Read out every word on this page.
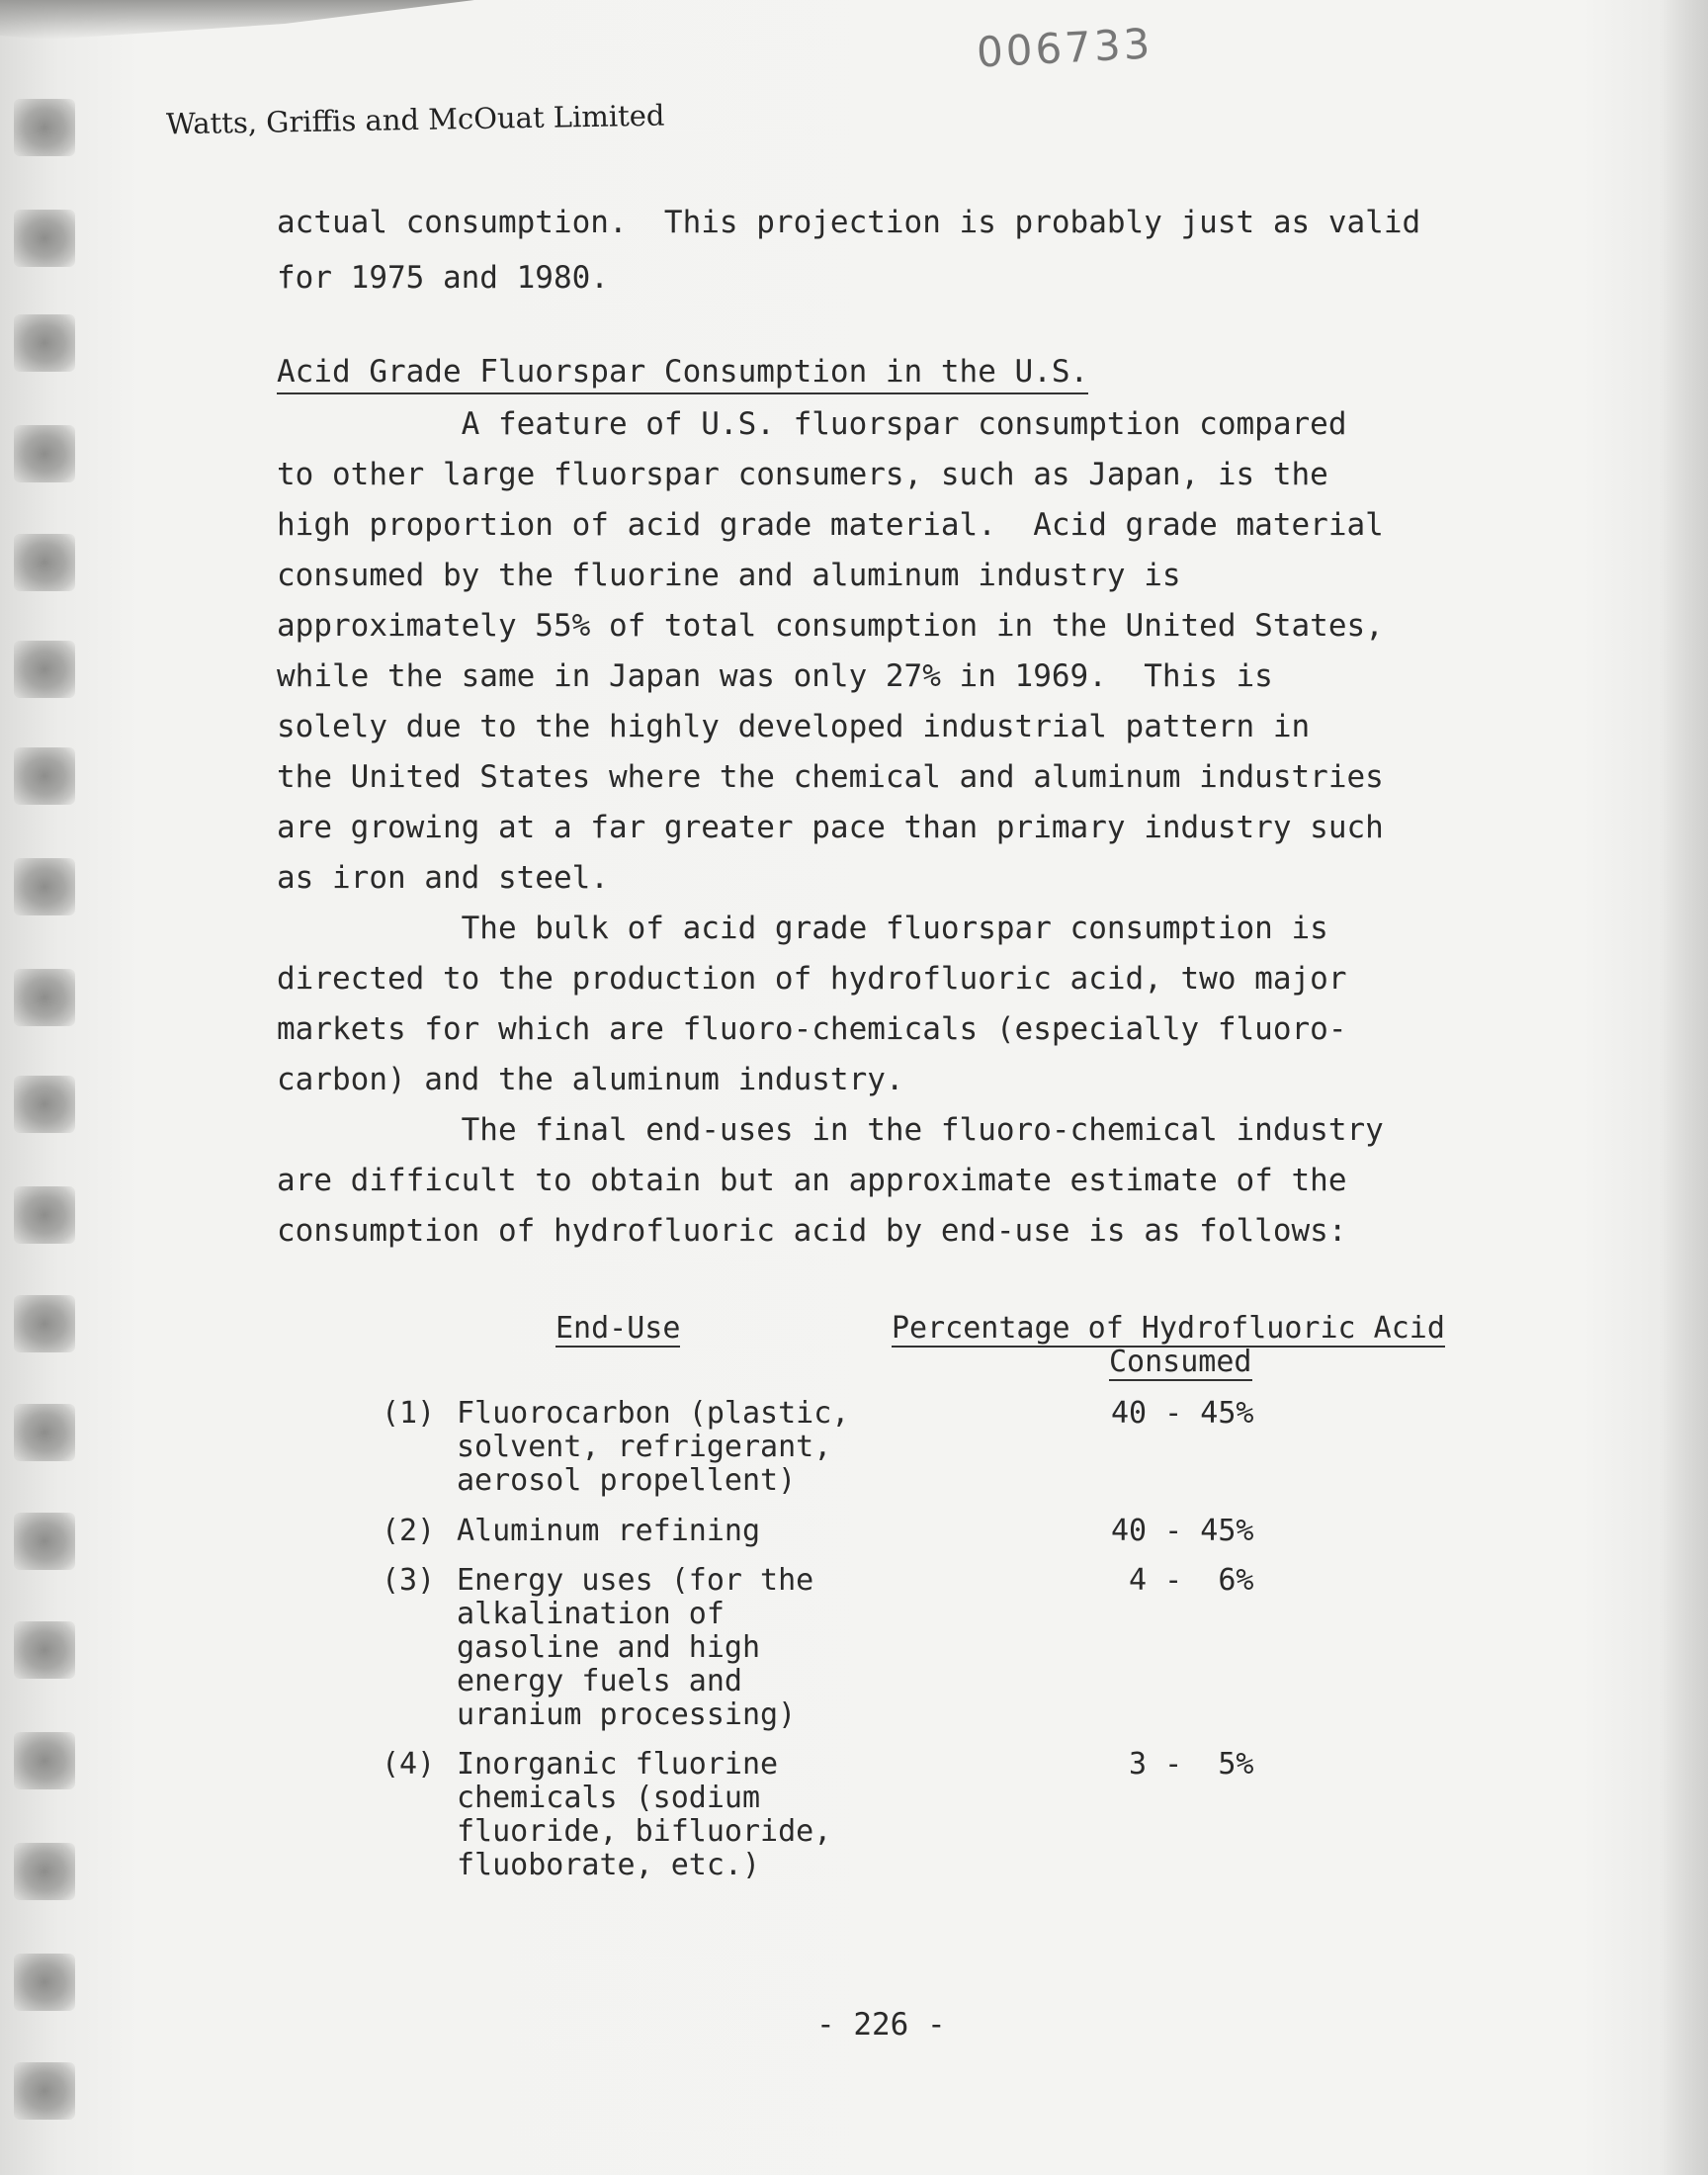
006733
Watts, Griffis and McOuat Limited
actual consumption.  This projection is probably just as valid
for 1975 and 1980.
Acid Grade Fluorspar Consumption in the U.S.
A feature of U.S. fluorspar consumption compared
to other large fluorspar consumers, such as Japan, is the
high proportion of acid grade material.  Acid grade material
consumed by the fluorine and aluminum industry is
approximately 55% of total consumption in the United States,
while the same in Japan was only 27% in 1969.  This is
solely due to the highly developed industrial pattern in
the United States where the chemical and aluminum industries
are growing at a far greater pace than primary industry such
as iron and steel.
The bulk of acid grade fluorspar consumption is
directed to the production of hydrofluoric acid, two major
markets for which are fluoro-chemicals (especially fluoro-
carbon) and the aluminum industry.
The final end-uses in the fluoro-chemical industry
are difficult to obtain but an approximate estimate of the
consumption of hydrofluoric acid by end-use is as follows:
End-Use	Percentage of Hydrofluoric Acid
Consumed
(1) Fluorocarbon (plastic,
solvent, refrigerant,
aerosol propellent)
40 - 45%
(2) Aluminum refining	40 - 45%
(3) Energy uses (for the
alkalination of
gasoline and high
energy fuels and
uranium processing)
4 -  6%
(4) Inorganic fluorine
chemicals (sodium
fluoride, bifluoride,
fluoborate, etc.)
3 -  5%
- 226 -
